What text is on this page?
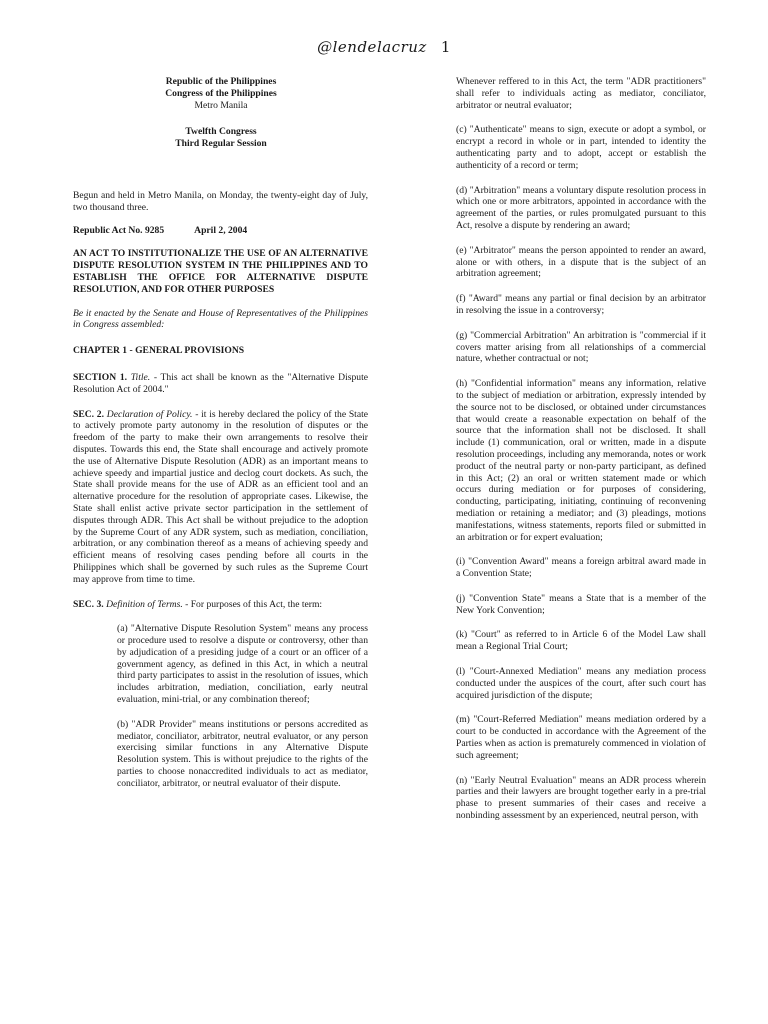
@lendelacruz 1

Republic of the Philippines

Congress of the Philippines

Metro Manila

Twelfth Congress

Third Regular Session

Begun and held in Metro Manila, on Monday, the twenty-eight day of July, two thousand three.

Republic Act No. 9285	April 2, 2004

AN ACT TO INSTITUTIONALIZE THE USE OF AN ALTERNATIVE DISPUTE RESOLUTION SYSTEM IN THE PHILIPPINES AND TO ESTABLISH THE OFFICE FOR ALTERNATIVE DISPUTE RESOLUTION, AND FOR OTHER PURPOSES

Be it enacted by the Senate and House of Representatives of the Philippines in Congress assembled:

CHAPTER 1 - GENERAL PROVISIONS

SECTION 1. Title. - This act shall be known as the "Alternative Dispute Resolution Act of 2004."

SEC. 2. Declaration of Policy. - it is hereby declared the policy of the State to actively promote party autonomy in the resolution of disputes or the freedom of the party to make their own arrangements to resolve their disputes. Towards this end, the State shall encourage and actively promote the use of Alternative Dispute Resolution (ADR) as an important means to achieve speedy and impartial justice and declog court dockets. As such, the State shall provide means for the use of ADR as an efficient tool and an alternative procedure for the resolution of appropriate cases. Likewise, the State shall enlist active private sector participation in the settlement of disputes through ADR. This Act shall be without prejudice to the adoption by the Supreme Court of any ADR system, such as mediation, conciliation, arbitration, or any combination thereof as a means of achieving speedy and efficient means of resolving cases pending before all courts in the Philippines which shall be governed by such rules as the Supreme Court may approve from time to time.

SEC. 3. Definition of Terms. - For purposes of this Act, the term:

(a) "Alternative Dispute Resolution System" means any process or procedure used to resolve a dispute or controversy, other than by adjudication of a presiding judge of a court or an officer of a government agency, as defined in this Act, in which a neutral third party participates to assist in the resolution of issues, which includes arbitration, mediation, conciliation, early neutral evaluation, mini-trial, or any combination thereof;

(b) "ADR Provider" means institutions or persons accredited as mediator, conciliator, arbitrator, neutral evaluator, or any person exercising similar functions in any Alternative Dispute Resolution system. This is without prejudice to the rights of the parties to choose nonaccredited individuals to act as mediator, conciliator, arbitrator, or neutral evaluator of their dispute.

Whenever reffered to in this Act, the term "ADR practitioners" shall refer to individuals acting as mediator, conciliator, arbitrator or neutral evaluator;

(c) "Authenticate" means to sign, execute or adopt a symbol, or encrypt a record in whole or in part, intended to identity the authenticating party and to adopt, accept or establish the authenticity of a record or term;

(d) "Arbitration" means a voluntary dispute resolution process in which one or more arbitrators, appointed in accordance with the agreement of the parties, or rules promulgated pursuant to this Act, resolve a dispute by rendering an award;

(e) "Arbitrator" means the person appointed to render an award, alone or with others, in a dispute that is the subject of an arbitration agreement;

(f) "Award" means any partial or final decision by an arbitrator in resolving the issue in a controversy;

(g) "Commercial Arbitration" An arbitration is "commercial if it covers matter arising from all relationships of a commercial nature, whether contractual or not;

(h) "Confidential information" means any information, relative to the subject of mediation or arbitration, expressly intended by the source not to be disclosed, or obtained under circumstances that would create a reasonable expectation on behalf of the source that the information shall not be disclosed. It shall include (1) communication, oral or written, made in a dispute resolution proceedings, including any memoranda, notes or work product of the neutral party or non-party participant, as defined in this Act; (2) an oral or written statement made or which occurs during mediation or for purposes of considering, conducting, participating, initiating, continuing of reconvening mediation or retaining a mediator; and (3) pleadings, motions manifestations, witness statements, reports filed or submitted in an arbitration or for expert evaluation;

(i) "Convention Award" means a foreign arbitral award made in a Convention State;

(j) "Convention State" means a State that is a member of the New York Convention;

(k) "Court" as referred to in Article 6 of the Model Law shall mean a Regional Trial Court;

(l) "Court-Annexed Mediation" means any mediation process conducted under the auspices of the court, after such court has acquired jurisdiction of the dispute;

(m) "Court-Referred Mediation" means mediation ordered by a court to be conducted in accordance with the Agreement of the Parties when as action is prematurely commenced in violation of such agreement;

(n) "Early Neutral Evaluation" means an ADR process wherein parties and their lawyers are brought together early in a pre-trial phase to present summaries of their cases and receive a nonbinding assessment by an experienced, neutral person, with
